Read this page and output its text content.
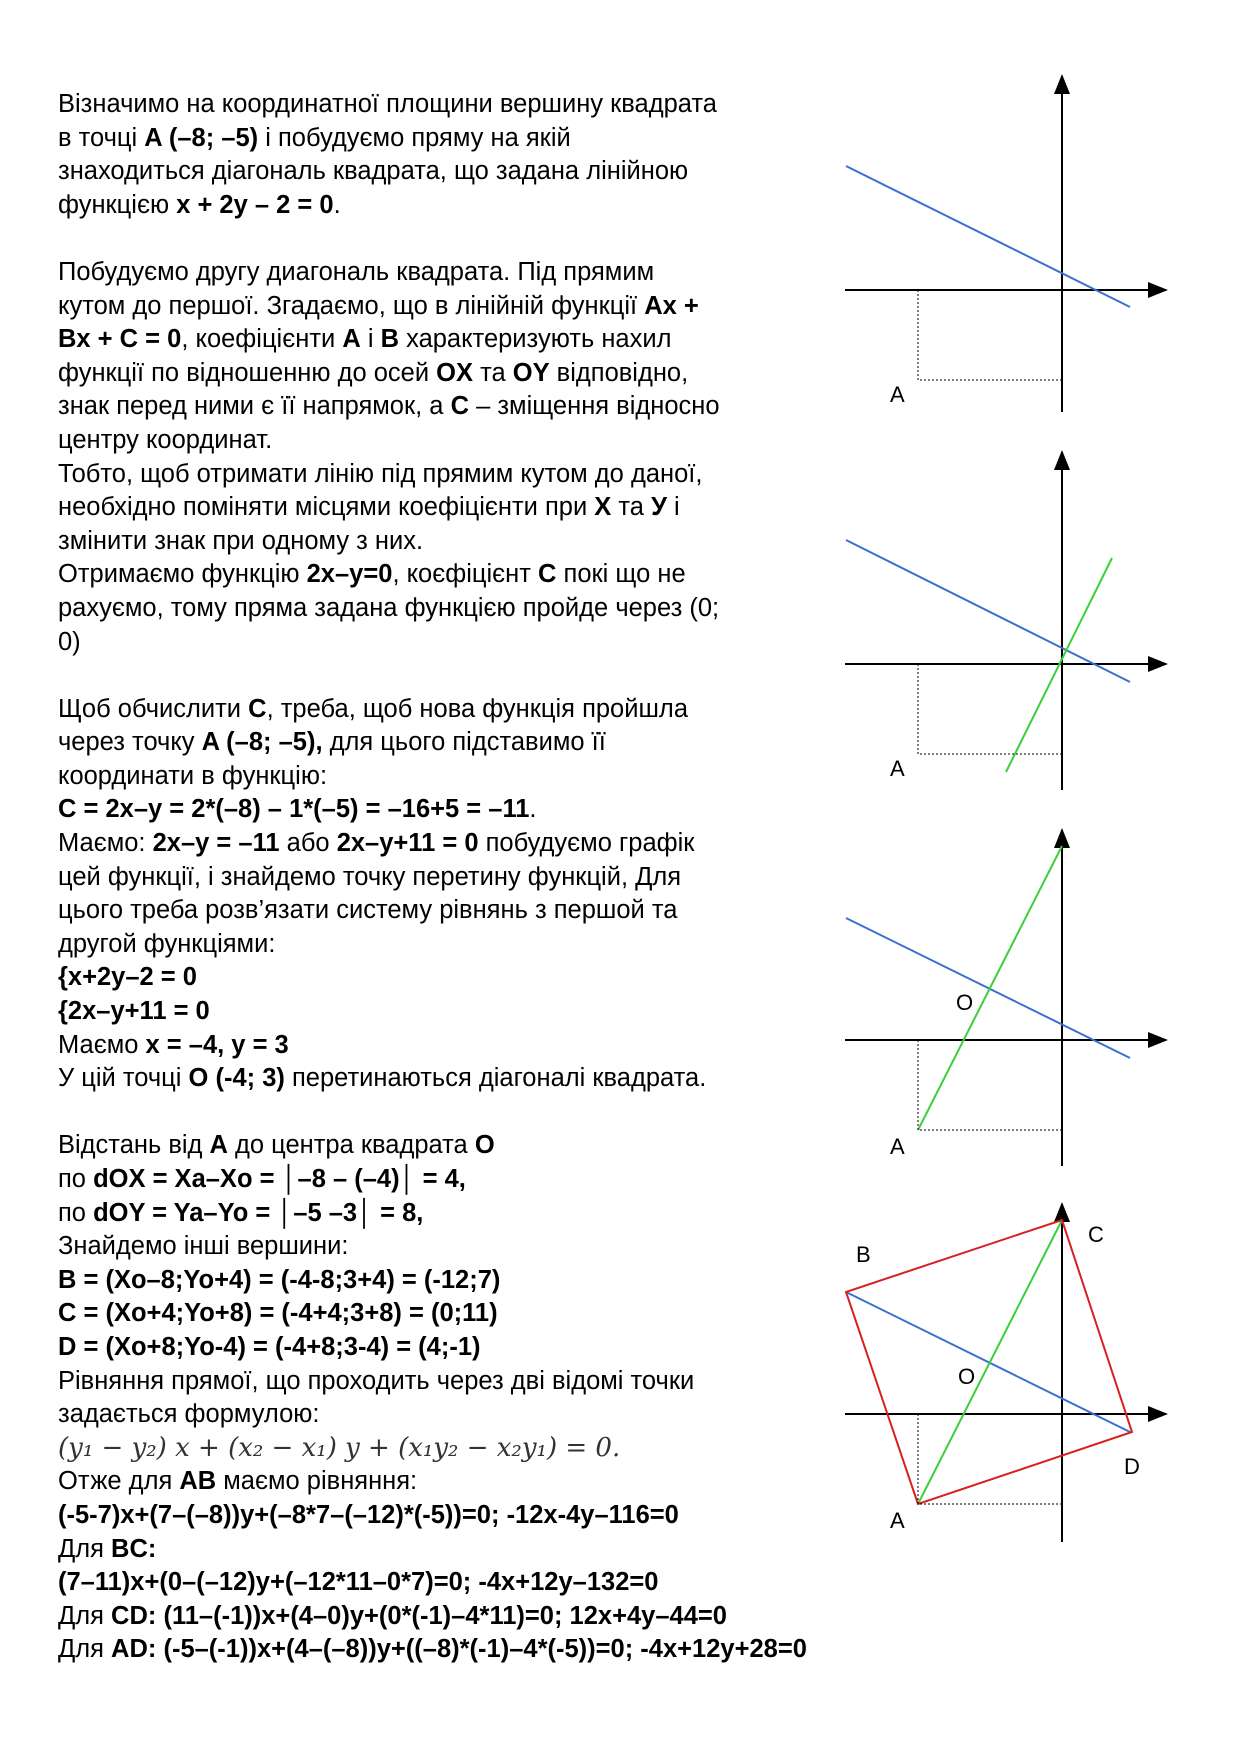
Візначимо на координатної площини вершину квадрата
в точці A (–8; –5) і побудуємо пряму на якій
знаходиться діагональ квадрата, що задана лінійною
функцією x + 2y – 2 = 0.
Побудуємо другу диагональ квадрата. Під прямим
кутом до першої. Згадаємо, що в лінійній функції Ax +
Bx + C = 0, коефіцієнти A і B характеризують нахил
функції по відношенню до осей OX та OY відповідно,
знак перед ними є її напрямок, а C – зміщення відносно
центру координат.
Тобто, щоб отримати лінію під прямим кутом до даної,
необхідно поміняти місцями коефіцієнти при X та У і
змінити знак при одному з них.
Отримаємо функцію 2x–y=0, коєфіцієнт C покі що не
рахуємо, тому пряма задана функцією пройде через (0;
0)
Щоб обчислити C, треба, щоб нова функція пройшла
через точку A (–8; –5), для цього підставимо її
координати в функцію:
C = 2x–y = 2*(–8) – 1*(–5) = –16+5 = –11.
Маємо: 2x–y = –11 або 2x–y+11 = 0 побудуємо графік
цей функції, і знайдемо точку перетину функцій, Для
цього треба розв’язати систему рівнянь з першой та
другой функціями:
{x+2y–2 = 0
{2x–y+11 = 0
Маємо x = –4, y = 3
У цій точці O (-4; 3) перетинаються діагоналі квадрата.
Відстань від A до центра квадрата O
по dOX = Xa–Xo = │–8 – (–4)│ = 4,
по dOY = Ya–Yo = │–5 –3│ = 8,
Знайдемо інші вершини:
B = (Xo–8;Yo+4) = (-4-8;3+4) = (-12;7)
C = (Xo+4;Yo+8) = (-4+4;3+8) = (0;11)
D = (Xo+8;Yo-4) = (-4+8;3-4) = (4;-1)
Рівняння прямої, що проходить через дві відомі точки
задається формулою:
(y₁ − y₂) x + (x₂ − x₁) y + (x₁y₂ − x₂y₁) = 0.
Отже для AB маємо рівняння:
(-5-7)x+(7–(–8))y+(–8*7–(–12)*(-5))=0; -12x-4y–116=0
Для BC:
(7–11)x+(0–(–12)y+(–12*11–0*7)=0; -4x+12y–132=0
Для CD: (11–(-1))x+(4–0)y+(0*(-1)–4*11)=0; 12x+4y–44=0
Для AD: (-5–(-1))x+(4–(–8))y+((–8)*(-1)–4*(-5))=0; -4x+12y+28=0
A
A
O
A
B
C
O
D
A
